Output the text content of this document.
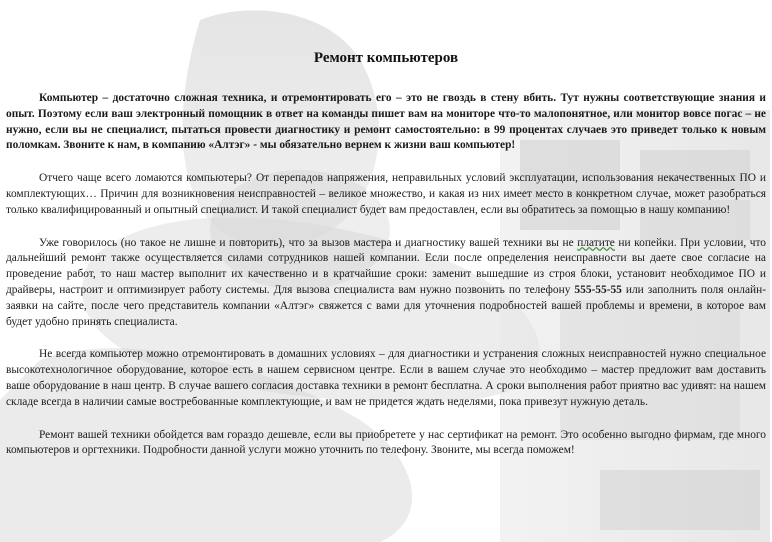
Ремонт компьютеров

Компьютер – достаточно сложная техника, и отремонтировать его – это не гвоздь в стену вбить. Тут нужны соответствующие знания и опыт. Поэтому если ваш электронный помощник в ответ на команды пишет вам на мониторе что-то малопонятное, или монитор вовсе погас – не нужно, если вы не специалист, пытаться провести диагностику и ремонт самостоятельно: в 99 процентах случаев это приведет только к новым поломкам. Звоните к нам, в компанию «Алтэг» - мы обязательно вернем к жизни ваш компьютер!

Отчего чаще всего ломаются компьютеры? От перепадов напряжения, неправильных условий эксплуатации, использования некачественных ПО и комплектующих… Причин для возникновения неисправностей – великое множество, и какая из них имеет место в конкретном случае, может разобраться только квалифицированный и опытный специалист. И такой специалист будет вам предоставлен, если вы обратитесь за помощью в нашу компанию!

Уже говорилось (но такое не лишне и повторить), что за вызов мастера и диагностику вашей техники вы не платите ни копейки. При условии, что дальнейший ремонт также осуществляется силами сотрудников нашей компании. Если после определения неисправности вы даете свое согласие на проведение работ, то наш мастер выполнит их качественно и в кратчайшие сроки: заменит вышедшие из строя блоки, установит необходимое ПО и драйверы, настроит и оптимизирует работу системы. Для вызова специалиста вам нужно позвонить по телефону 555-55-55 или заполнить поля онлайн-заявки на сайте, после чего представитель компании «Алтэг» свяжется с вами для уточнения подробностей вашей проблемы и времени, в которое вам будет удобно принять специалиста.

Не всегда компьютер можно отремонтировать в домашних условиях – для диагностики и устранения сложных неисправностей нужно специальное высокотехнологичное оборудование, которое есть в нашем сервисном центре. Если в вашем случае это необходимо – мастер предложит вам доставить ваше оборудование в наш центр. В случае вашего согласия доставка техники в ремонт бесплатна. А сроки выполнения работ приятно вас удивят: на нашем складе всегда в наличии самые востребованные комплектующие, и вам не придется ждать неделями, пока привезут нужную деталь.

Ремонт вашей техники обойдется вам гораздо дешевле, если вы приобретете у нас сертификат на ремонт. Это особенно выгодно фирмам, где много компьютеров и оргтехники. Подробности данной услуги можно уточнить по телефону. Звоните, мы всегда поможем!
